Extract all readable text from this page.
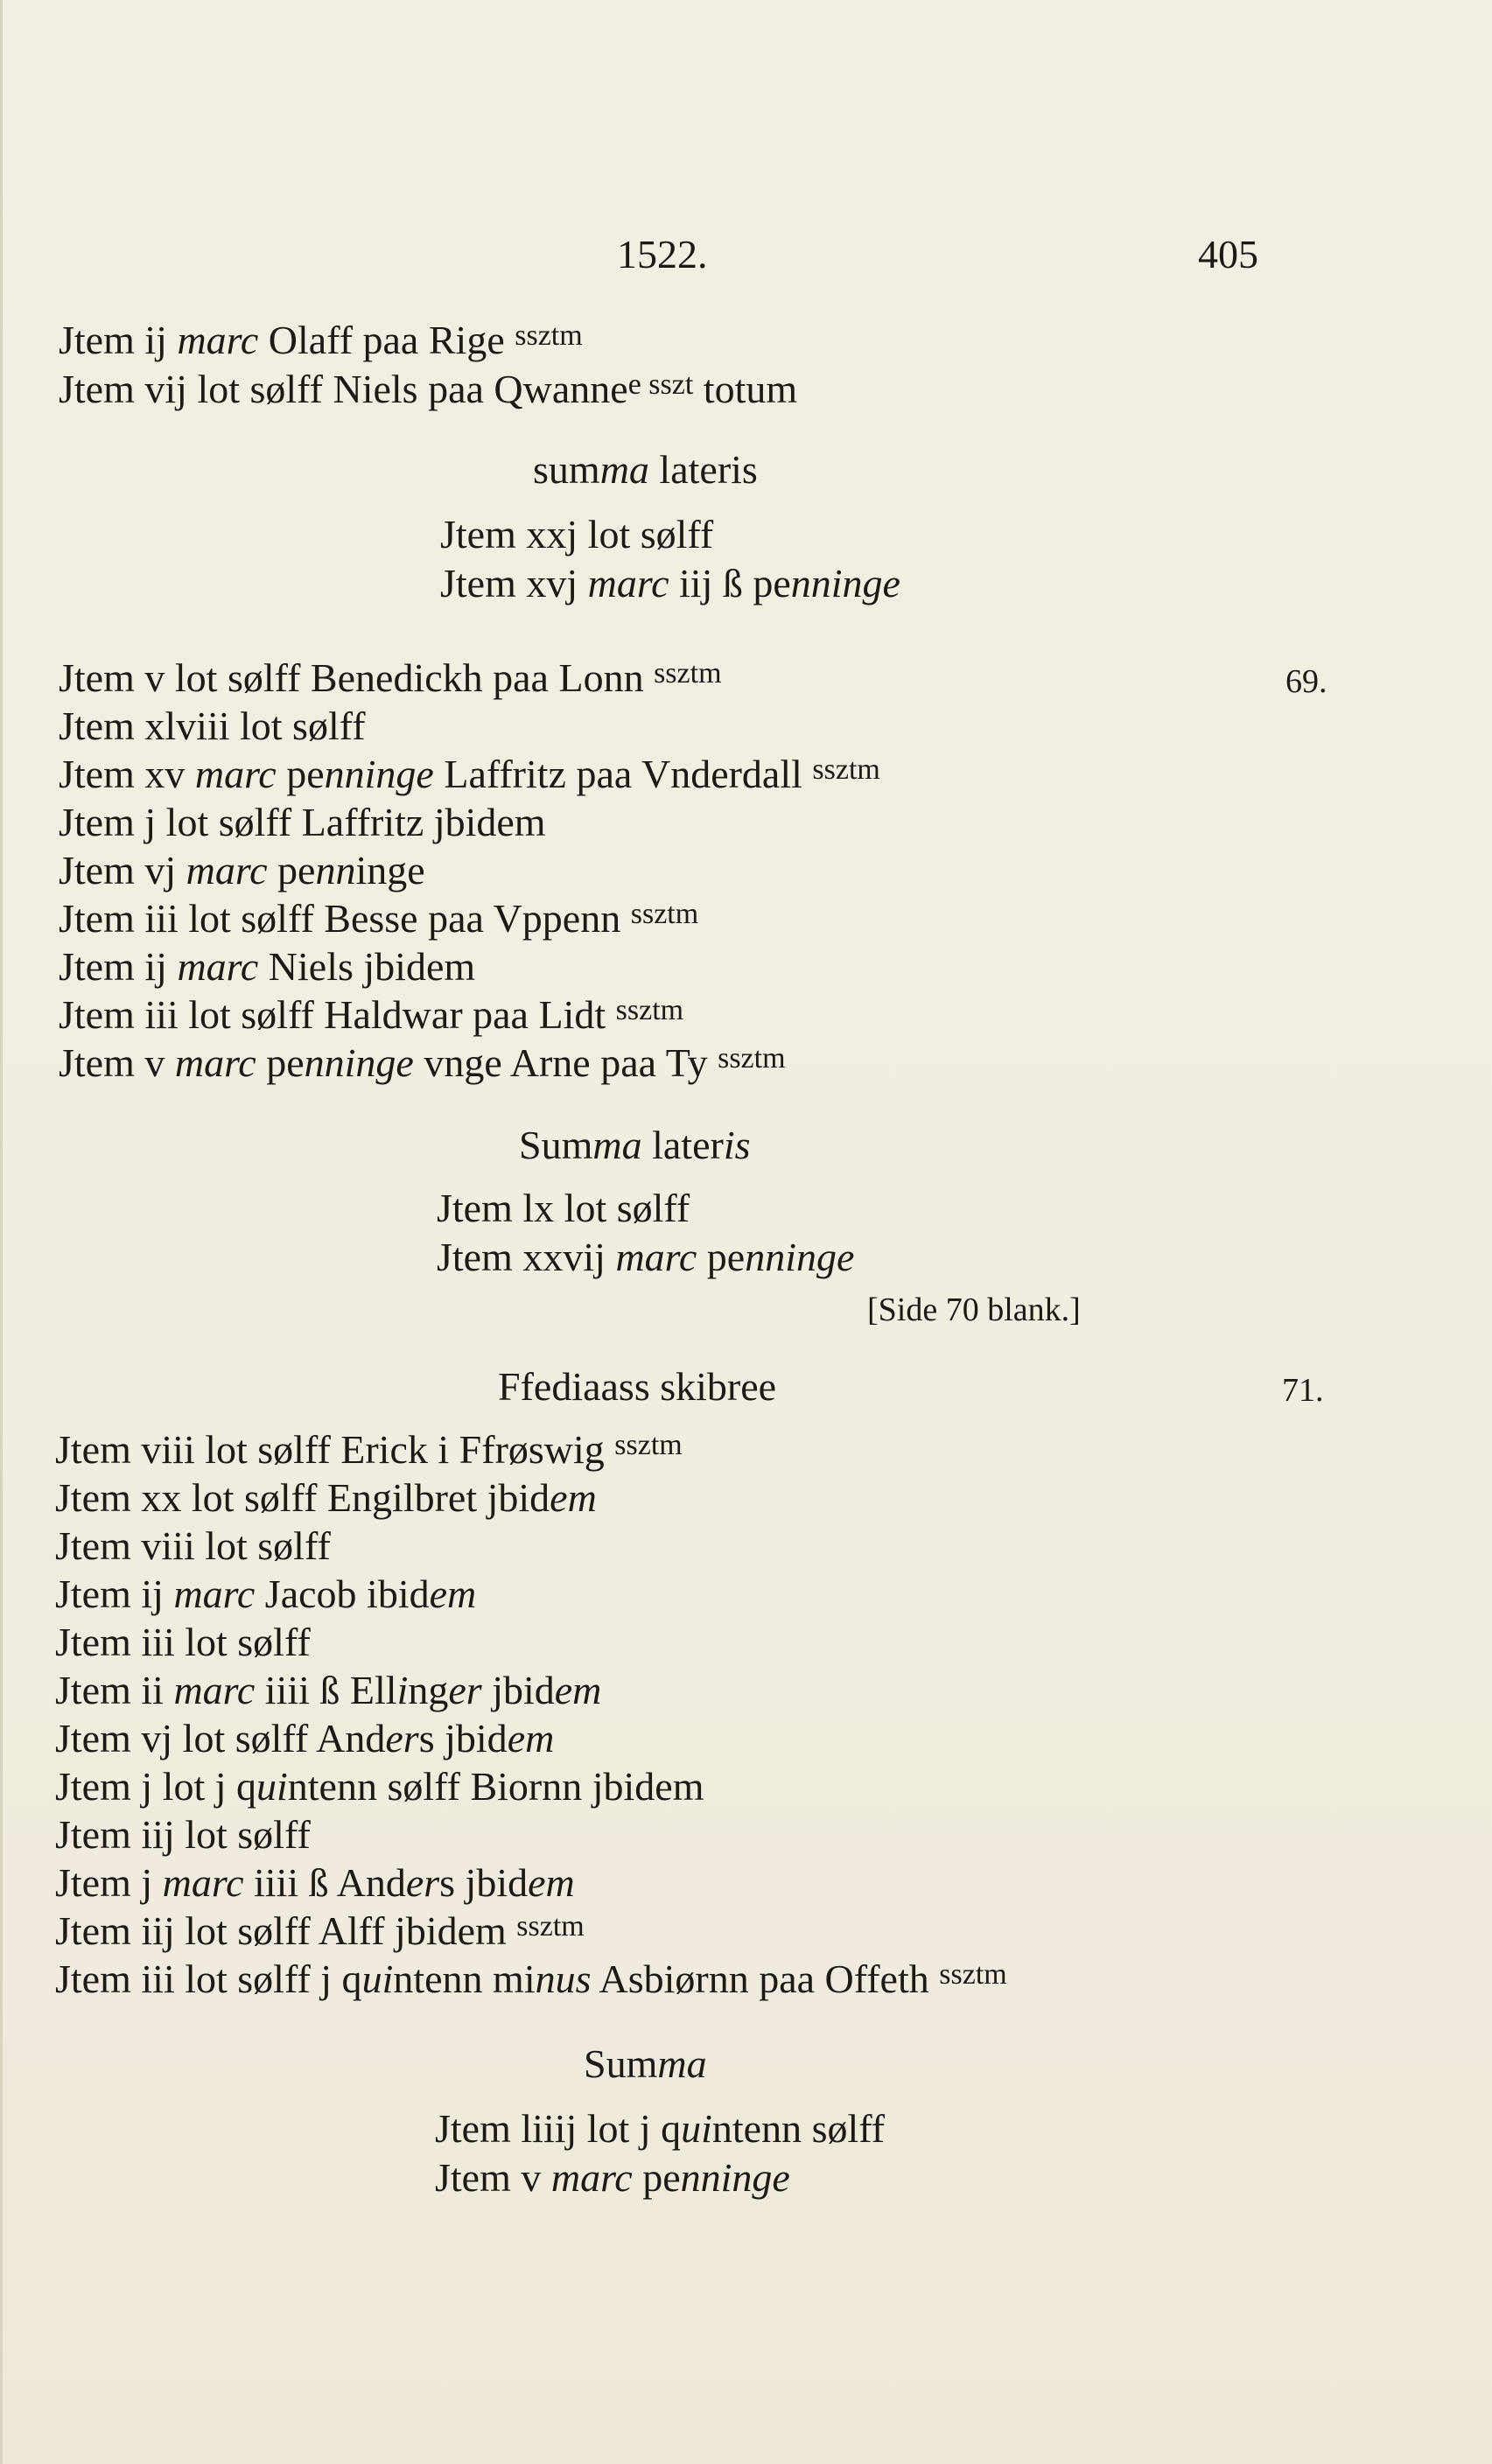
1522.	405
Jtem ij marc Olaff paa Rige $^{ssztm}$
Jtem vij lot sølff Niels paa Qwanne$^{e sszt}$ totum
summa lateris
Jtem xxj lot sølff
Jtem xvj marc iij ß penninge
69.
Jtem v lot sølff Benedickh paa Lonn $^{ssztm}$
Jtem xlviii lot sølff
Jtem xv marc penninge Laffritz paa Vnderdall $^{ssztm}$
Jtem j lot sølff Laffritz jbidem
Jtem vj marc penninge
Jtem iii lot sølff Besse paa Vppenn $^{ssztm}$
Jtem ij marc Niels jbidem
Jtem iii lot sølff Haldwar paa Lidt $^{ssztm}$
Jtem v marc penninge vnge Arne paa Ty $^{ssztm}$
Summa lateris
Jtem lx lot sølff
Jtem xxvij marc penninge
[Side 70 blank.]
Ffediaass skibree	71.
Jtem viii lot sølff Erick i Ffrøswig $^{ssztm}$
Jtem xx lot sølff Engilbret jbidem
Jtem viii lot sølff
Jtem ij marc Jacob ibidem
Jtem iii lot sølff
Jtem ii marc iiii ß Ellinger jbidem
Jtem vj lot sølff Anders jbidem
Jtem j lot j quintenn sølff Biornn jbidem
Jtem iij lot sølff
Jtem j marc iiii ß Anders jbidem
Jtem iij lot sølff Alff jbidem $^{ssztm}$
Jtem iii lot sølff j quintenn minus Asbiørnn paa Offeth $^{ssztm}$
Summa
Jtem liiij lot j quintenn sølff
Jtem v marc penninge
